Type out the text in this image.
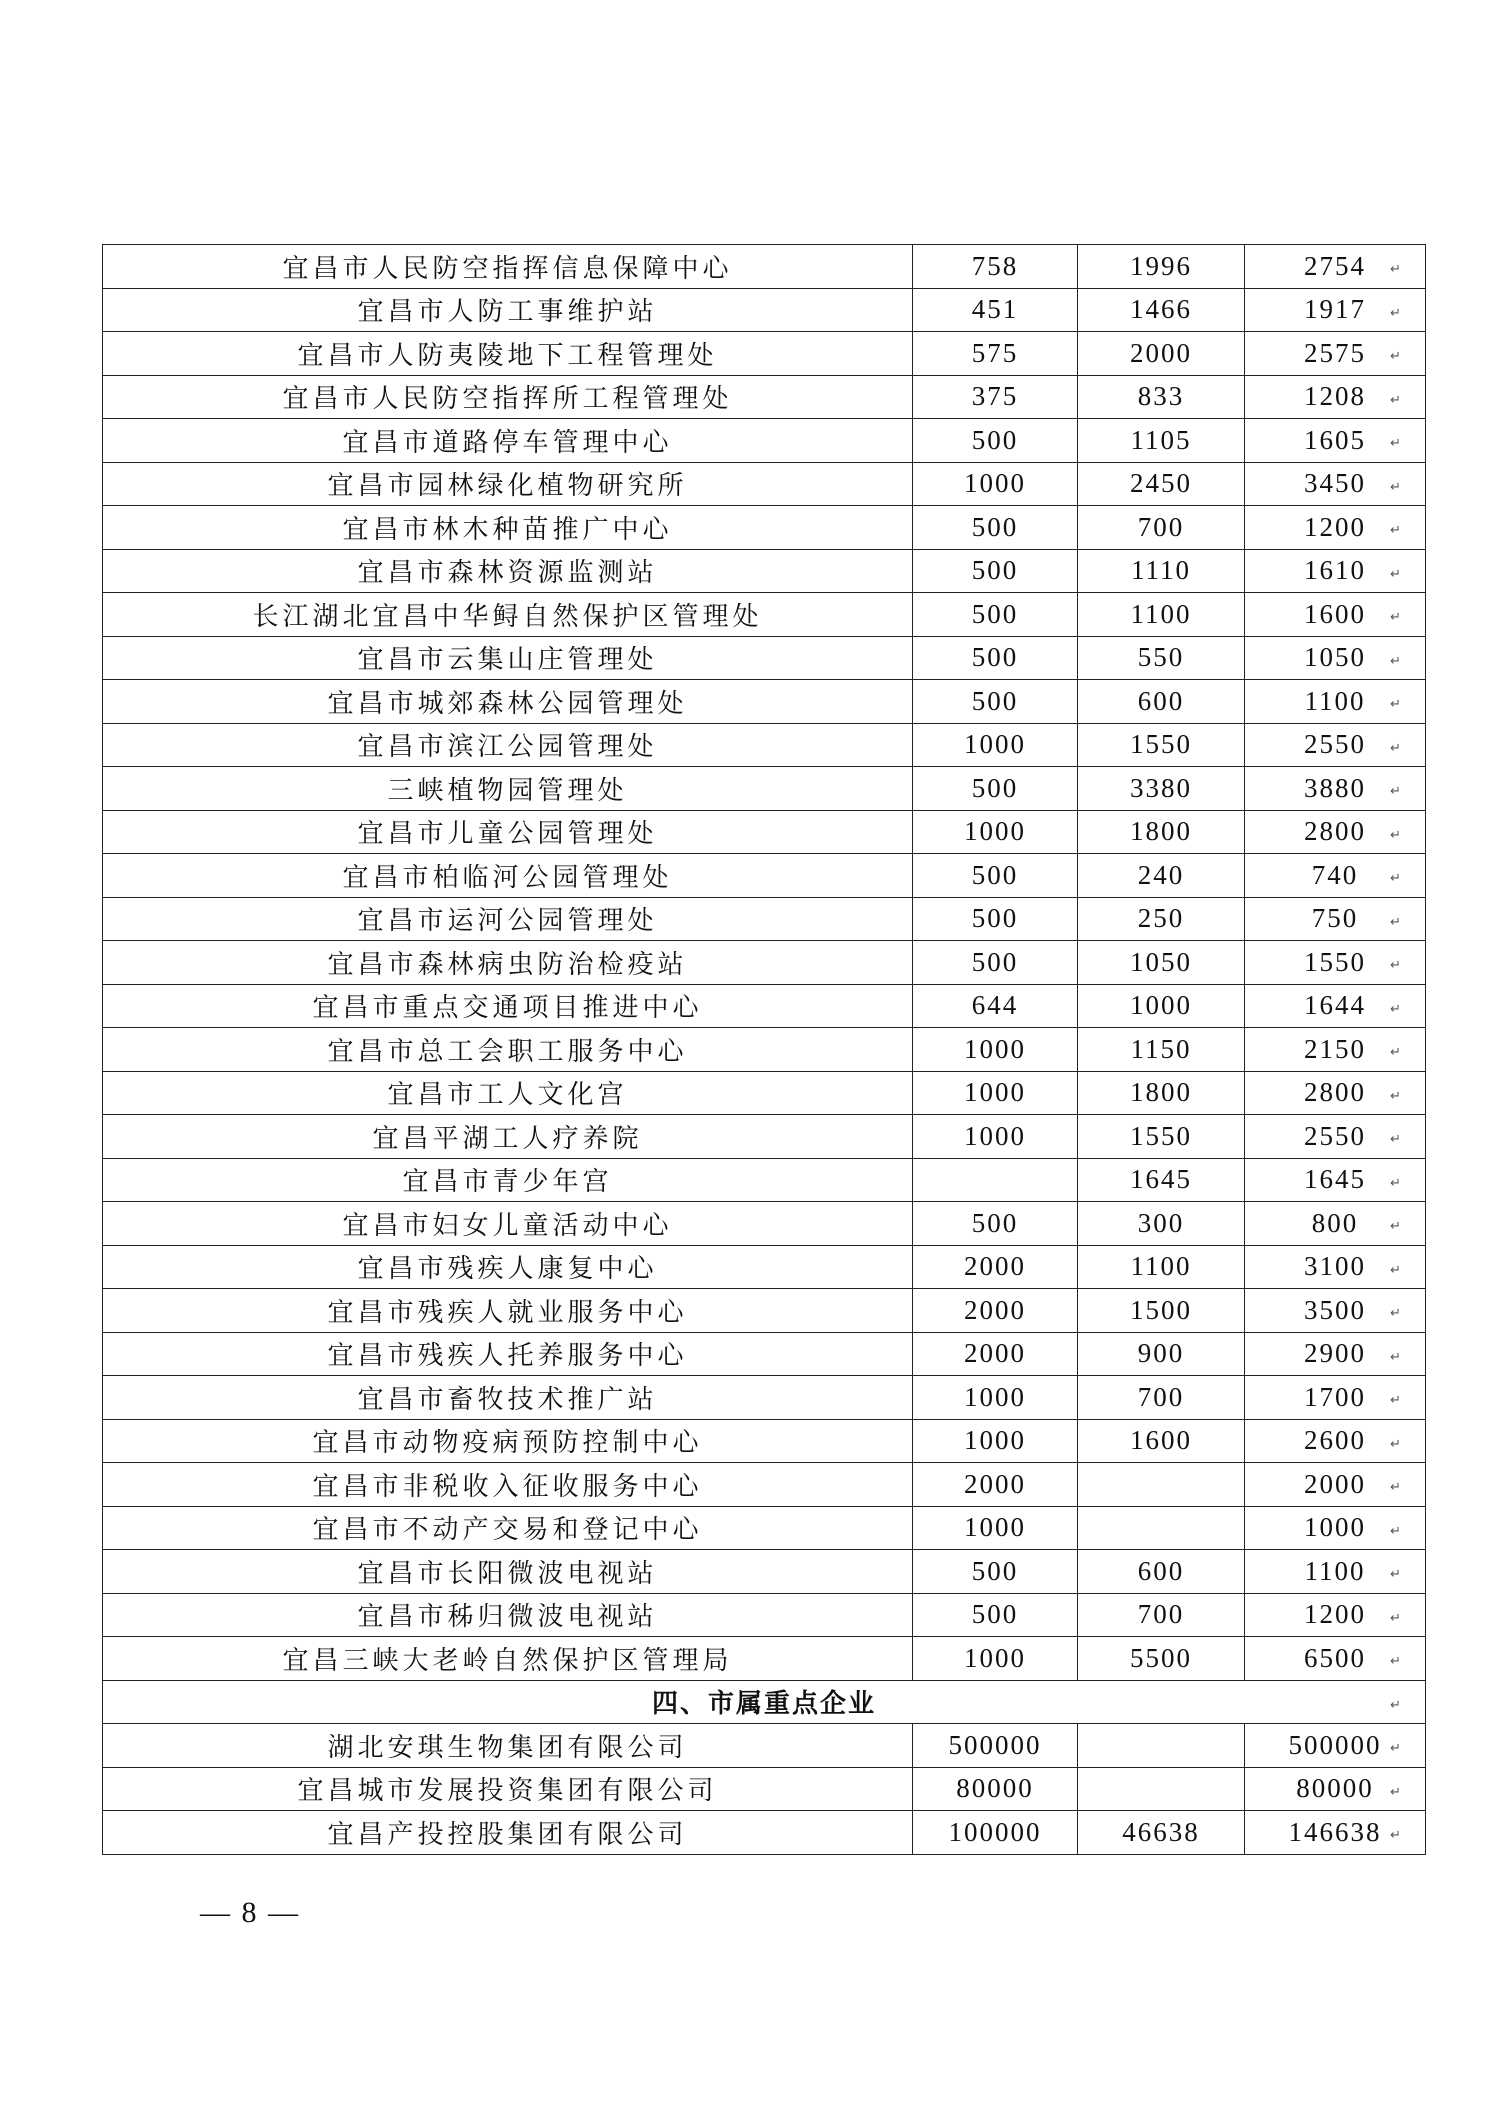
宜昌市人民防空指挥信息保障中心	758	1996	2754
宜昌市人防工事维护站	451	1466	1917
宜昌市人防夷陵地下工程管理处	575	2000	2575
宜昌市人民防空指挥所工程管理处	375	833	1208
宜昌市道路停车管理中心	500	1105	1605
宜昌市园林绿化植物研究所	1000	2450	3450
宜昌市林木种苗推广中心	500	700	1200
宜昌市森林资源监测站	500	1110	1610
长江湖北宜昌中华鲟自然保护区管理处	500	1100	1600
宜昌市云集山庄管理处	500	550	1050
宜昌市城郊森林公园管理处	500	600	1100
宜昌市滨江公园管理处	1000	1550	2550
三峡植物园管理处	500	3380	3880
宜昌市儿童公园管理处	1000	1800	2800
宜昌市柏临河公园管理处	500	240	740
宜昌市运河公园管理处	500	250	750
宜昌市森林病虫防治检疫站	500	1050	1550
宜昌市重点交通项目推进中心	644	1000	1644
宜昌市总工会职工服务中心	1000	1150	2150
宜昌市工人文化宫	1000	1800	2800
宜昌平湖工人疗养院	1000	1550	2550
宜昌市青少年宫		1645	1645
宜昌市妇女儿童活动中心	500	300	800
宜昌市残疾人康复中心	2000	1100	3100
宜昌市残疾人就业服务中心	2000	1500	3500
宜昌市残疾人托养服务中心	2000	900	2900
宜昌市畜牧技术推广站	1000	700	1700
宜昌市动物疫病预防控制中心	1000	1600	2600
宜昌市非税收入征收服务中心	2000		2000
宜昌市不动产交易和登记中心	1000		1000
宜昌市长阳微波电视站	500	600	1100
宜昌市秭归微波电视站	500	700	1200
宜昌三峡大老岭自然保护区管理局	1000	5500	6500
四、市属重点企业			
湖北安琪生物集团有限公司	500000		500000
宜昌城市发展投资集团有限公司	80000		80000
宜昌产投控股集团有限公司	100000	46638	146638
— 8 —
↵
↵
↵
↵
↵
↵
↵
↵
↵
↵
↵
↵
↵
↵
↵
↵
↵
↵
↵
↵
↵
↵
↵
↵
↵
↵
↵
↵
↵
↵
↵
↵
↵
↵
↵
↵
↵
